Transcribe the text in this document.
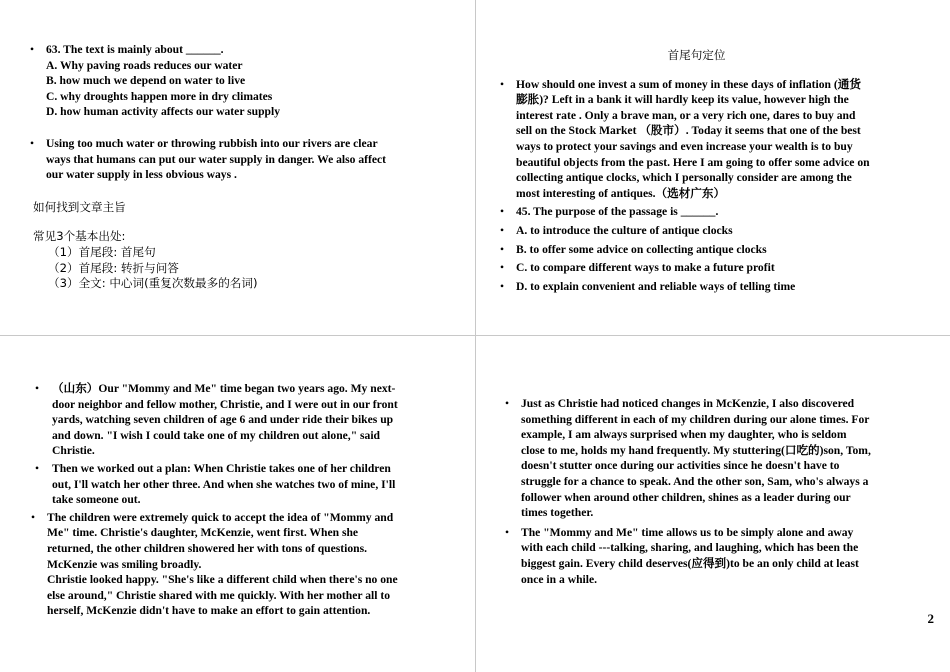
• 63. The text is mainly about ______.
A. Why paving roads reduces our water
B. how much we depend on water to live
C. why droughts happen more in dry climates
D. how human activity affects our water supply
• Using too much water or throwing rubbish into our rivers are clear
ways that humans can put our water supply in danger. We also affect
our water supply in less obvious ways .
如何找到文章主旨
常见3个基本出处:
（1）首尾段: 首尾句
（2）首尾段: 转折与问答
（3）全文: 中心词(重复次数最多的名词)
首尾句定位
• How should one invest a sum of money in these days of inflation (通货
膨胀)? Left in a bank it will hardly keep its value, however high the
interest rate . Only a brave man, or a very rich one, dares to buy and
sell on the Stock Market （股市）. Today it seems that one of the best
ways to protect your savings and even increase your wealth is to buy
beautiful objects from the past. Here I am going to offer some advice on
collecting antique clocks, which I personally consider are among the
most interesting of antiques.（选材广东）
• 45. The purpose of the passage is ______.
• A. to introduce the culture of antique clocks
• B. to offer some advice on collecting antique clocks
• C. to compare different ways to make a future profit
• D. to explain convenient and reliable ways of telling time
• （山东）Our "Mommy and Me" time began two years ago. My next-
door neighbor and fellow mother, Christie, and I were out in our front
yards, watching seven children of age 6 and under ride their bikes up
and down. "I wish I could take one of my children out alone," said
Christie.
• Then we worked out a plan: When Christie takes one of her children
out, I'll watch her other three. And when she watches two of mine, I'll
take someone out.
• The children were extremely quick to accept the idea of "Mommy and
Me" time. Christie's daughter, McKenzie, went first. When she
returned, the other children showered her with tons of questions.
McKenzie was smiling broadly.
Christie looked happy. "She's like a different child when there's no one
else around," Christie shared with me quickly. With her mother all to
herself, McKenzie didn't have to make an effort to gain attention.
• Just as Christie had noticed changes in McKenzie, I also discovered
something different in each of my children during our alone times. For
example, I am always surprised when my daughter, who is seldom
close to me, holds my hand frequently. My stuttering(口吃的)son, Tom,
doesn't stutter once during our activities since he doesn't have to
struggle for a chance to speak. And the other son, Sam, who's always a
follower when around other children, shines as a leader during our
times together.
• The "Mommy and Me" time allows us to be simply alone and away
with each child ---talking, sharing, and laughing, which has been the
biggest gain. Every child deserves(应得到)to be an only child at least
once in a while.
2
